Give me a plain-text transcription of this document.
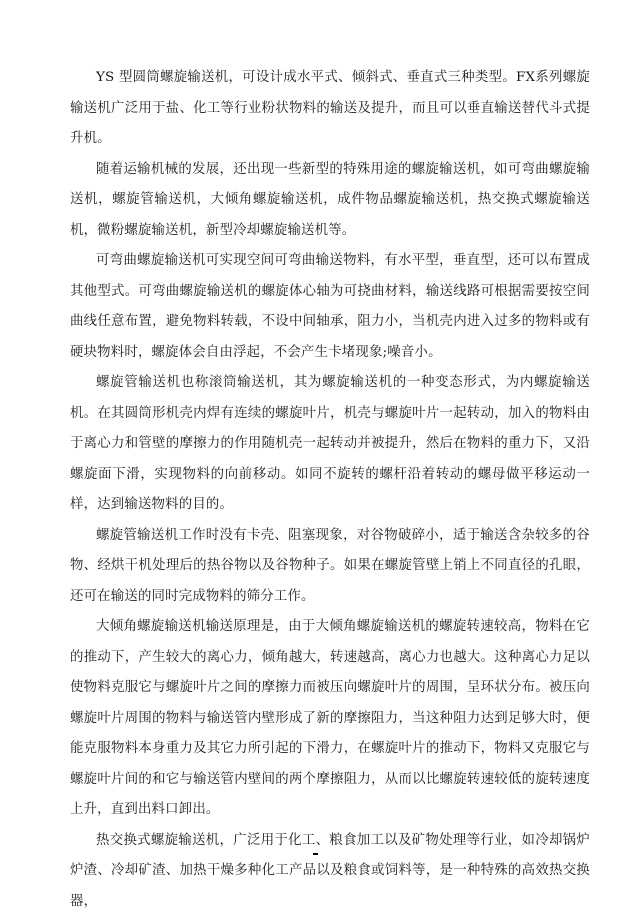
YS 型圆筒螺旋输送机，可设计成水平式、倾斜式、垂直式三种类型。FX系列螺旋输送机广泛用于盐、化工等行业粉状物料的输送及提升，而且可以垂直输送替代斗式提升机。

随着运输机械的发展，还出现一些新型的特殊用途的螺旋输送机，如可弯曲螺旋输送机，螺旋管输送机，大倾角螺旋输送机，成件物品螺旋输送机，热交换式螺旋输送机，微粉螺旋输送机，新型冷却螺旋输送机等。

可弯曲螺旋输送机可实现空间可弯曲输送物料，有水平型，垂直型，还可以布置成其他型式。可弯曲螺旋输送机的螺旋体心轴为可挠曲材料，输送线路可根据需要按空间曲线任意布置，避免物料转载，不设中间轴承，阻力小，当机壳内进入过多的物料或有硬块物料时，螺旋体会自由浮起，不会产生卡堵现象;噪音小。

螺旋管输送机也称滚筒输送机，其为螺旋输送机的一种变态形式，为内螺旋输送机。在其圆筒形机壳内焊有连续的螺旋叶片，机壳与螺旋叶片一起转动，加入的物料由于离心力和管壁的摩擦力的作用随机壳一起转动并被提升，然后在物料的重力下，又沿螺旋面下滑，实现物料的向前移动。如同不旋转的螺杆沿着转动的螺母做平移运动一样，达到输送物料的目的。

螺旋管输送机工作时没有卡壳、阻塞现象，对谷物破碎小，适于输送含杂较多的谷物、经烘干机处理后的热谷物以及谷物种子。如果在螺旋管壁上销上不同直径的孔眼，还可在输送的同时完成物料的筛分工作。

大倾角螺旋输送机输送原理是，由于大倾角螺旋输送机的螺旋转速较高，物料在它的推动下，产生较大的离心力，倾角越大，转速越高，离心力也越大。这种离心力足以使物料克服它与螺旋叶片之间的摩擦力而被压向螺旋叶片的周围，呈环状分布。被压向螺旋叶片周围的物料与输送管内壁形成了新的摩擦阻力，当这种阻力达到足够大时，便能克服物料本身重力及其它力所引起的下滑力，在螺旋叶片的推动下，物料又克服它与螺旋叶片间的和它与输送管内壁间的两个摩擦阻力，从而以比螺旋转速较低的旋转速度上升，直到出料口卸出。

热交换式螺旋输送机，广泛用于化工、粮食加工以及矿物处理等行业，如冷却锅炉炉渣、冷却矿渣、加热干燥多种化工产品以及粮食或饲料等，是一种特殊的高效热交换器，
